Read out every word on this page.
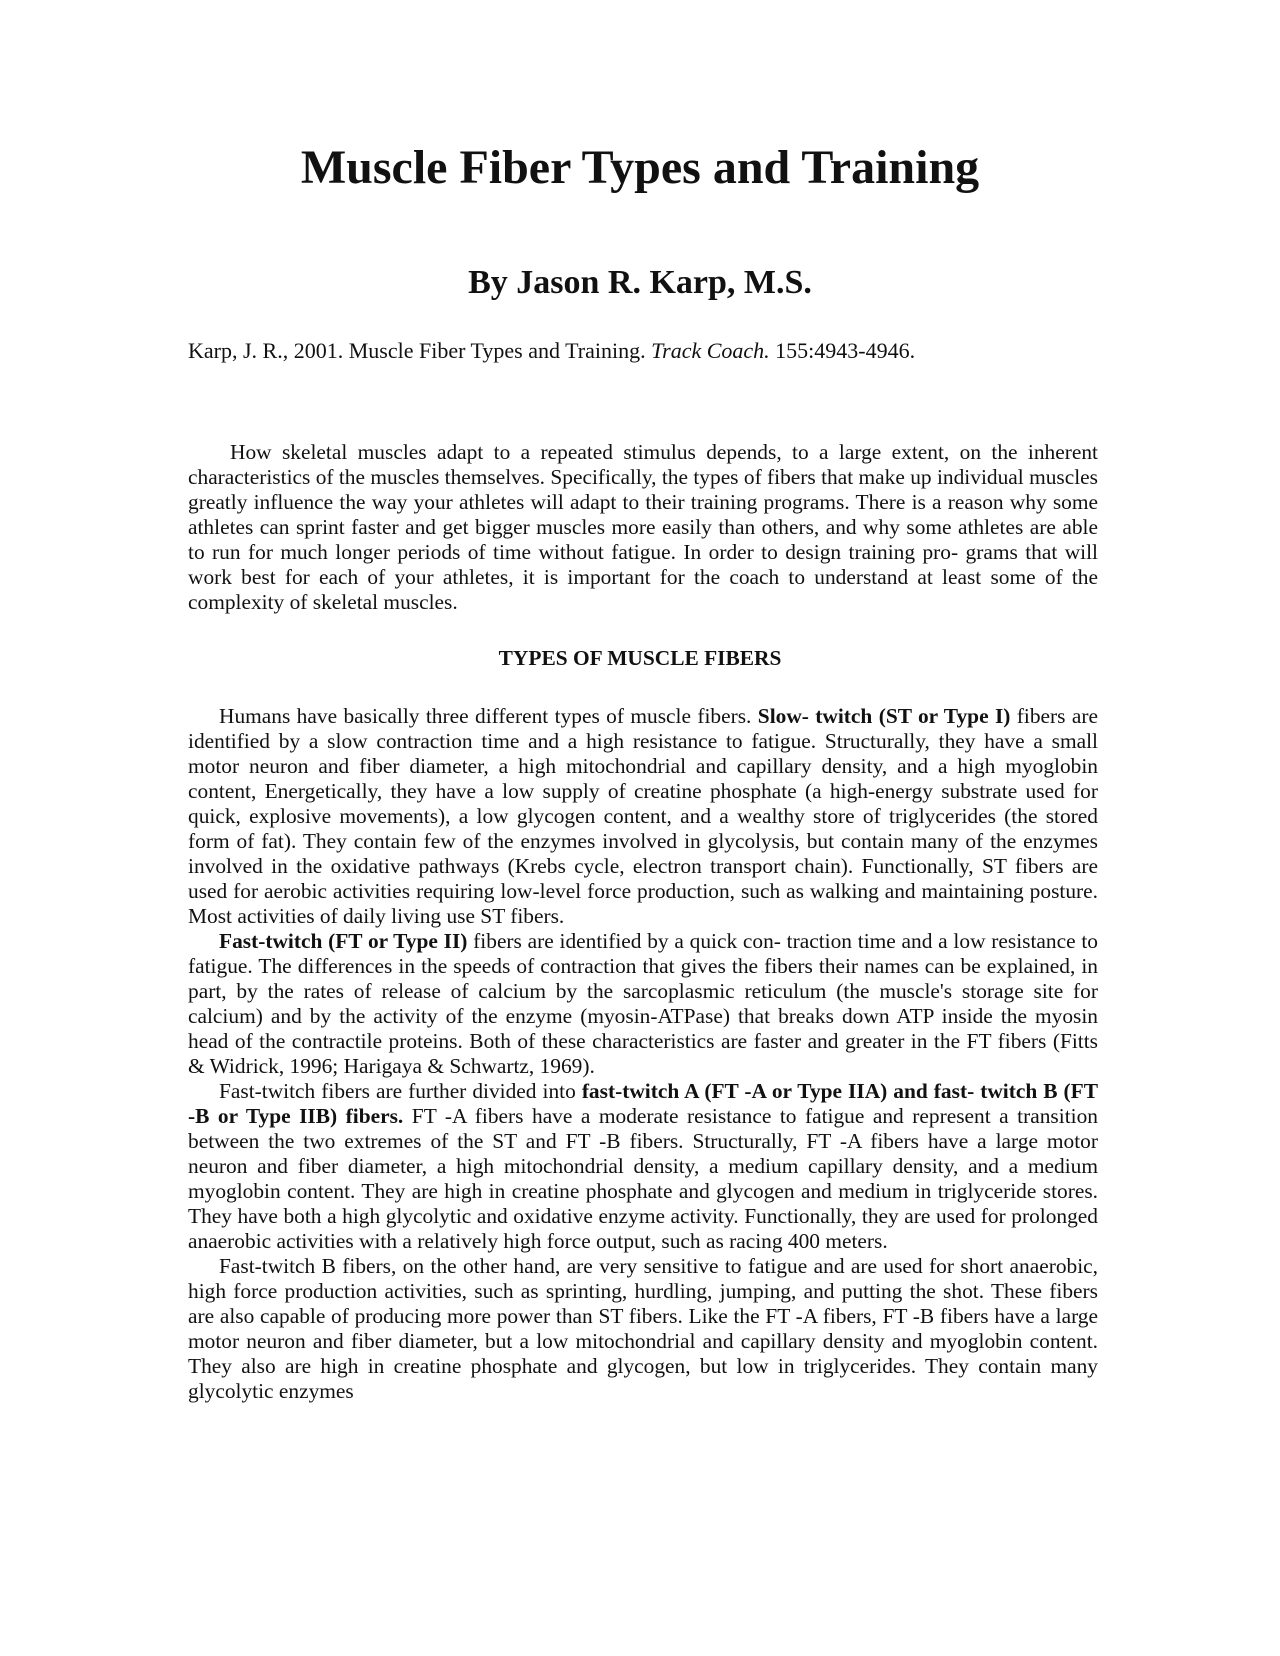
Muscle Fiber Types and Training
By Jason R. Karp, M.S.

Karp, J. R., 2001. Muscle Fiber Types and Training. Track Coach. 155:4943-4946.

How skeletal muscles adapt to a repeated stimulus depends, to a large extent, on the inherent characteristics of the muscles themselves. Specifically, the types of fibers that make up individual muscles greatly influence the way your athletes will adapt to their training programs. There is a reason why some athletes can sprint faster and get bigger muscles more easily than others, and why some athletes are able to run for much longer periods of time without fatigue. In order to design training pro- grams that will work best for each of your athletes, it is important for the coach to understand at least some of the complexity of skeletal muscles.

TYPES OF MUSCLE FIBERS

Humans have basically three different types of muscle fibers. Slow- twitch (ST or Type I) fibers are identified by a slow contraction time and a high resistance to fatigue. Structurally, they have a small motor neuron and fiber diameter, a high mitochondrial and capillary density, and a high myoglobin content, Energetically, they have a low supply of creatine phosphate (a high-energy substrate used for quick, explosive movements), a low glycogen content, and a wealthy store of triglycerides (the stored form of fat). They contain few of the enzymes involved in glycolysis, but contain many of the enzymes involved in the oxidative pathways (Krebs cycle, electron transport chain). Functionally, ST fibers are used for aerobic activities requiring low-level force production, such as walking and maintaining posture. Most activities of daily living use ST fibers.

Fast-twitch (FT or Type II) fibers are identified by a quick con- traction time and a low resistance to fatigue. The differences in the speeds of contraction that gives the fibers their names can be explained, in part, by the rates of release of calcium by the sarcoplasmic reticulum (the muscle's storage site for calcium) and by the activity of the enzyme (myosin-ATPase) that breaks down ATP inside the myosin head of the contractile proteins. Both of these characteristics are faster and greater in the FT fibers (Fitts & Widrick, 1996; Harigaya & Schwartz, 1969).

Fast-twitch fibers are further divided into fast-twitch A (FT -A or Type IIA) and fast- twitch B (FT -B or Type IIB) fibers. FT -A fibers have a moderate resistance to fatigue and represent a transition between the two extremes of the ST and FT -B fibers. Structurally, FT -A fibers have a large motor neuron and fiber diameter, a high mitochondrial density, a medium capillary density, and a medium myoglobin content. They are high in creatine phosphate and glycogen and medium in triglyceride stores. They have both a high glycolytic and oxidative enzyme activity. Functionally, they are used for prolonged anaerobic activities with a relatively high force output, such as racing 400 meters.

Fast-twitch B fibers, on the other hand, are very sensitive to fatigue and are used for short anaerobic, high force production activities, such as sprinting, hurdling, jumping, and putting the shot. These fibers are also capable of producing more power than ST fibers. Like the FT -A fibers, FT -B fibers have a large motor neuron and fiber diameter, but a low mitochondrial and capillary density and myoglobin content. They also are high in creatine phosphate and glycogen, but low in triglycerides. They contain many glycolytic enzymes
